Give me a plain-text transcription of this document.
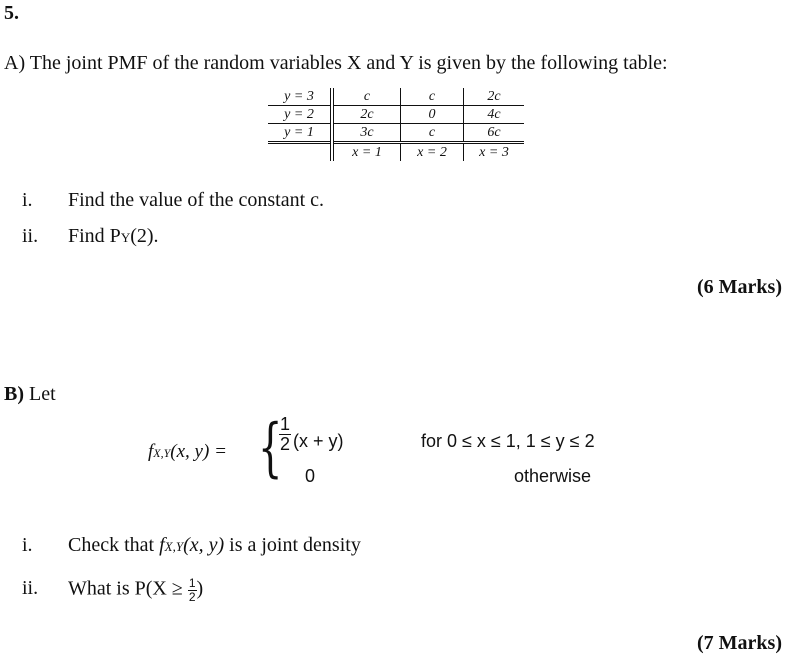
5.
A) The joint PMF of the random variables X and Y is given by the following table:
y = 3	c	c	2c
y = 2	2c	0	4c
y = 1	3c	c	6c
	x = 1	x = 2	x = 3
i. Find the value of the constant c.
ii. Find PY(2).
(6 Marks)
B) Let
fX,Y(x, y) = {
$\frac{1}{2} (x + y)$
0
for 0 ≤ x ≤ 1, 1 ≤ y ≤ 2
otherwise
i. Check that fX,Y(x, y) is a joint density
ii. What is $P(X \ge \frac{1}{2}$ )
(7 Marks)
